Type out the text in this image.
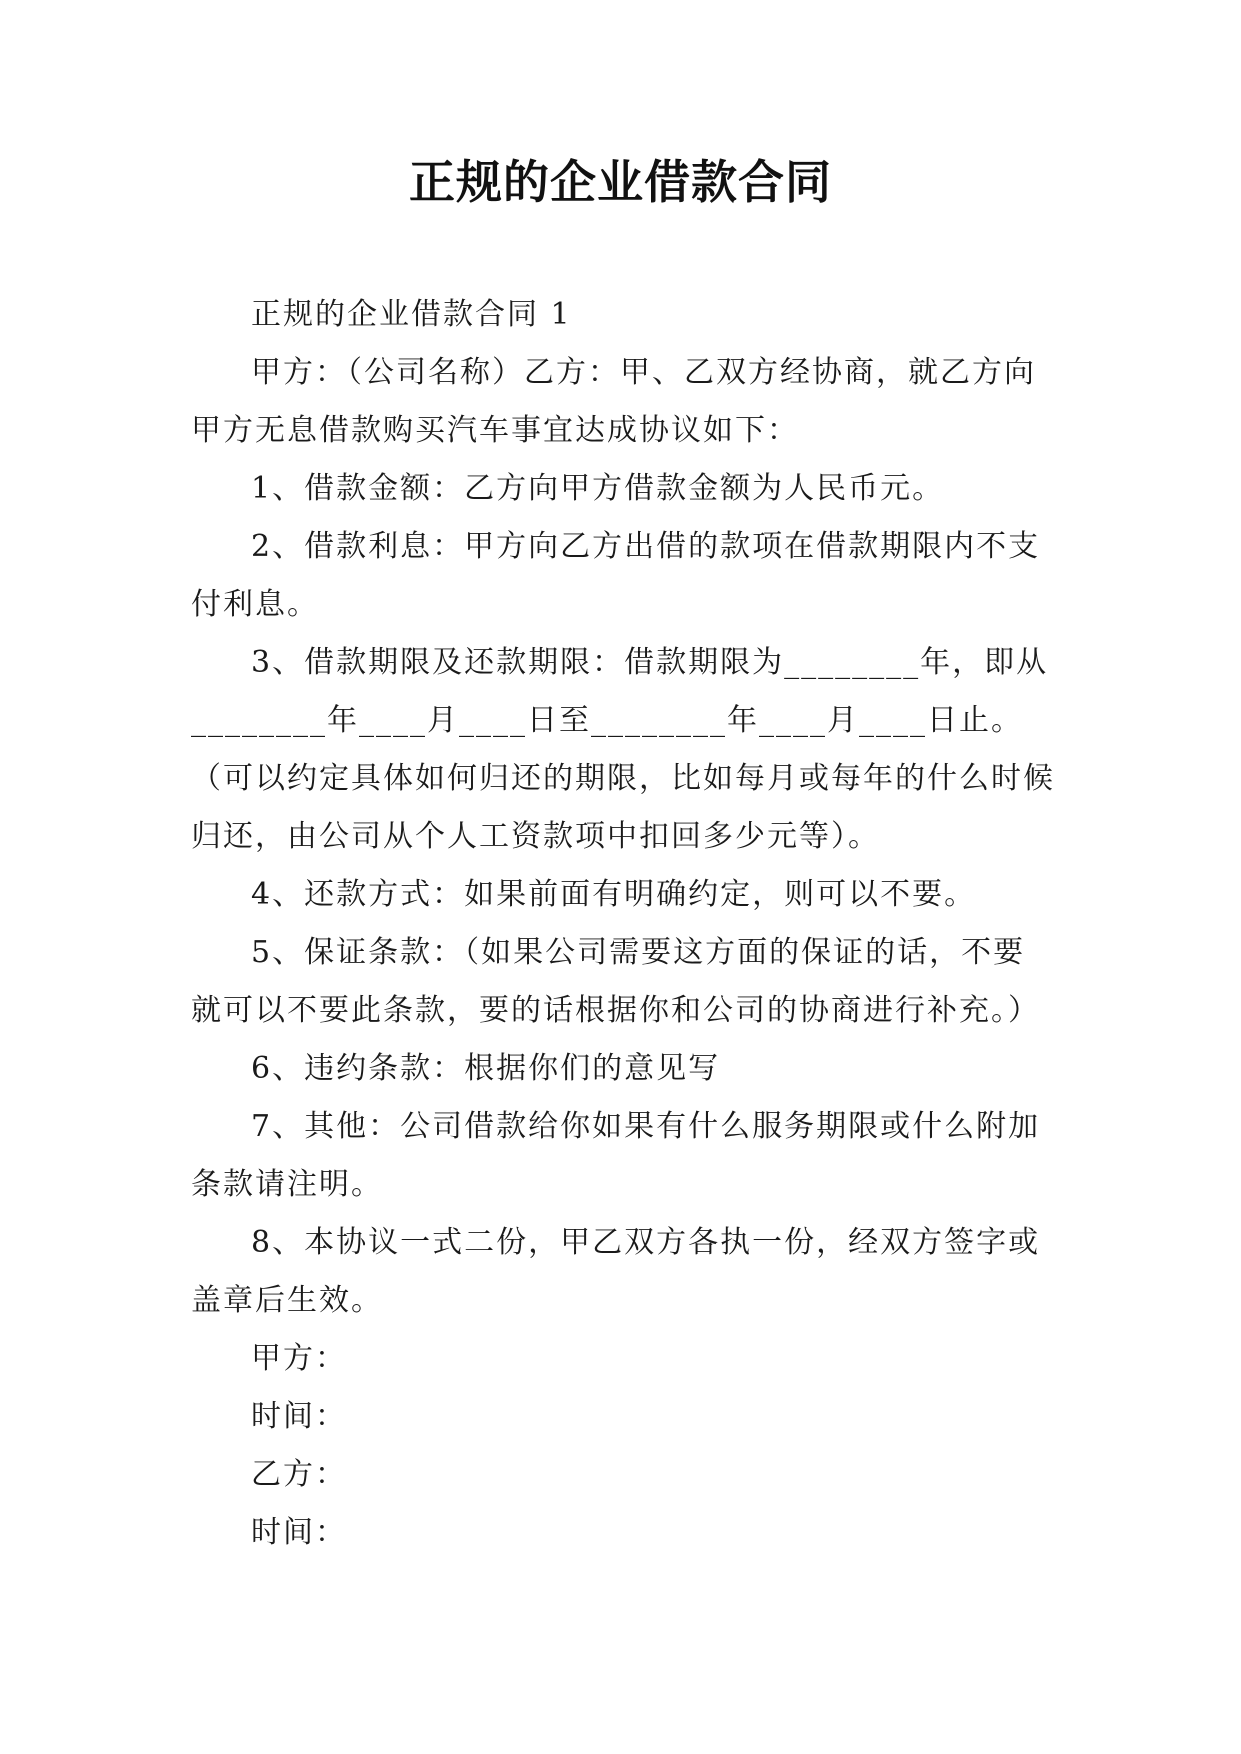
正规的企业借款合同

正规的企业借款合同 1

甲方：（公司名称）乙方：甲、乙双方经协商，就乙方向甲方无息借款购买汽车事宜达成协议如下：

1、借款金额：乙方向甲方借款金额为人民币元。

2、借款利息：甲方向乙方出借的款项在借款期限内不支付利息。

3、借款期限及还款期限：借款期限为________年，即从________年____月____日至________年____月____日止。（可以约定具体如何归还的期限，比如每月或每年的什么时候归还，由公司从个人工资款项中扣回多少元等）。

4、还款方式：如果前面有明确约定，则可以不要。

5、保证条款：（如果公司需要这方面的保证的话，不要就可以不要此条款，要的话根据你和公司的协商进行补充。）

6、违约条款：根据你们的意见写

7、其他：公司借款给你如果有什么服务期限或什么附加条款请注明。

8、本协议一式二份，甲乙双方各执一份，经双方签字或盖章后生效。

甲方：

时间：

乙方：

时间：
